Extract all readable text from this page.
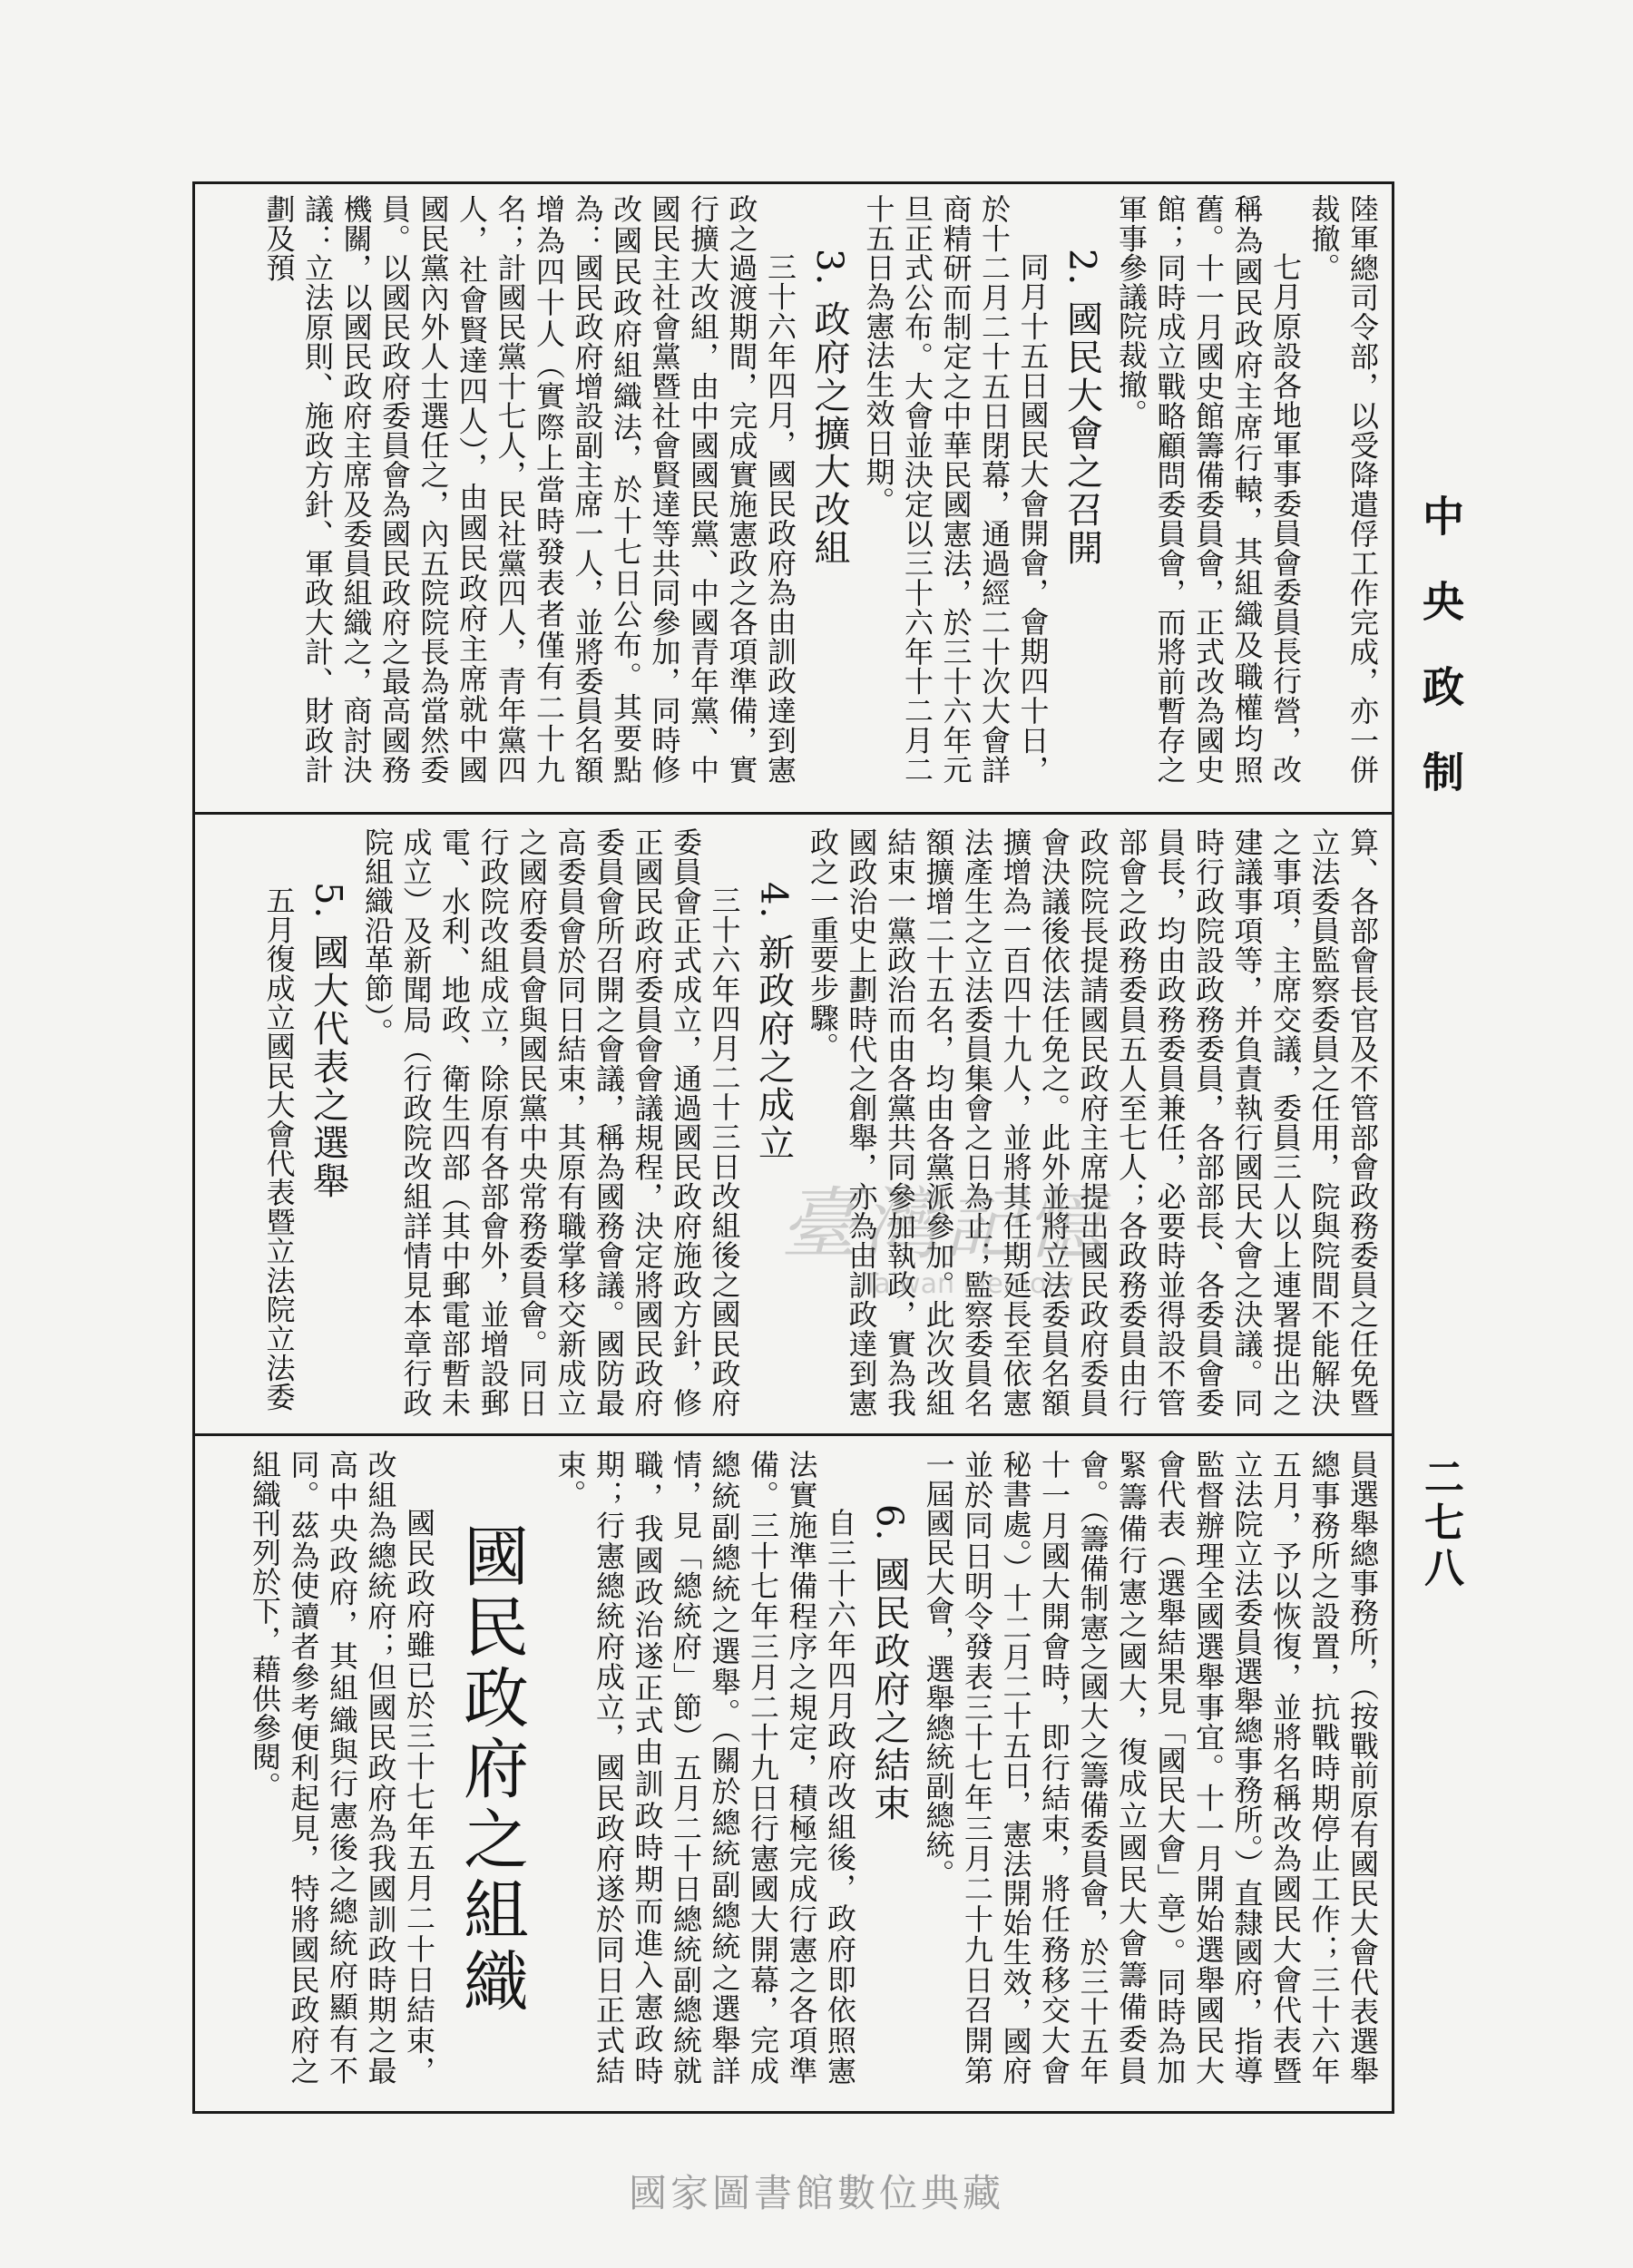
中央政制
二七八

陸軍總司令部，以受降遣俘工作完成，亦一併裁撤。

七月原設各地軍事委員會委員長行營，改稱為國民政府主席行轅，其組織及職權均照舊。十一月國史館籌備委員會，正式改為國史館；同時成立戰略顧問委員會，而將前暫存之軍事參議院裁撤。

2. 國民大會之召開

同月十五日國民大會開會，會期四十日，於十二月二十五日閉幕，通過經二十次大會詳商精研而制定之中華民國憲法，於三十六年元旦正式公布。大會並決定以三十六年十二月二十五日為憲法生效日期。

3. 政府之擴大改組

三十六年四月，國民政府為由訓政達到憲政之過渡期間，完成實施憲政之各項準備，實行擴大改組，由中國國民黨、中國青年黨、中國民主社會黨暨社會賢達等共同參加，同時修改國民政府組織法，於十七日公布。其要點為：國民政府增設副主席一人，並將委員名額增為四十人（實際上當時發表者僅有二十九名；計國民黨十七人，民社黨四人，青年黨四人，社會賢達四人），由國民政府主席就中國國民黨內外人士選任之，內五院院長為當然委員。以國民政府委員會為國民政府之最高國務機關，以國民政府主席及委員組織之，商討決議：立法原則、施政方針、軍政大計、財政計劃及預

算、各部會長官及不管部會政務委員之任免暨立法委員監察委員之任用，院與院間不能解決之事項，主席交議，委員三人以上連署提出之建議事項等，并負責執行國民大會之決議。同時行政院設政務委員，各部部長、各委員會委員長，均由政務委員兼任，必要時並得設不管部會之政務委員五人至七人；各政務委員由行政院院長提請國民政府主席提出國民政府委員會決議後依法任免之。此外並將立法委員名額擴增為一百四十九人，並將其任期延長至依憲法產生之立法委員集會之日為止；監察委員名額擴增二十五名，均由各黨派參加。此次改組結束一黨政治而由各黨共同參加執政，實為我國政治史上劃時代之創舉，亦為由訓政達到憲政之一重要步驟。

4. 新政府之成立

三十六年四月二十三日改組後之國民政府委員會正式成立，通過國民政府施政方針，修正國民政府委員會會議規程，決定將國民政府委員會所召開之會議，稱為國務會議。國防最高委員會於同日結束，其原有職掌移交新成立之國府委員會與國民黨中央常務委員會。同日行政院改組成立，除原有各部會外，並增設郵電、水利、地政、衛生四部（其中郵電部暫未成立）及新聞局（行政院改組詳情見本章行政院組織沿革節）。

5. 國大代表之選舉

五月復成立國民大會代表暨立法院立法委

員選舉總事務所，（按戰前原有國民大會代表選舉總事務所之設置，抗戰時期停止工作；三十六年五月，予以恢復，並將名稱改為國民大會代表暨立法院立法委員選舉總事務所。）直隸國府，指導監督辦理全國選舉事宜。十一月開始選舉國民大會代表（選舉結果見「國民大會」章）。同時為加緊籌備行憲之國大，復成立國民大會籌備委員會。（籌備制憲之國大之籌備委員會，於三十五年十一月國大開會時，即行結束，將任務移交大會秘書處。）十二月二十五日，憲法開始生效，國府並於同日明令發表三十七年三月二十九日召開第一屆國民大會，選舉總統副總統。

6. 國民政府之結束

自三十六年四月政府改組後，政府即依照憲法實施準備程序之規定，積極完成行憲之各項準備。三十七年三月二十九日行憲國大開幕，完成總統副總統之選舉。（關於總統副總統之選舉詳情，見「總統府」節）五月二十日總統副總統就職，我國政治遂正式由訓政時期而進入憲政時期；行憲總統府成立，國民政府遂於同日正式結束。

國民政府之組織

國民政府雖已於三十七年五月二十日結束，改組為總統府；但國民政府為我國訓政時期之最高中央政府，其組織與行憲後之總統府顯有不同。茲為使讀者參考便利起見，特將國民政府之組織刊列於下，藉供參閱。

臺灣記憶
Taiwan Memory
國家圖書館數位典藏
